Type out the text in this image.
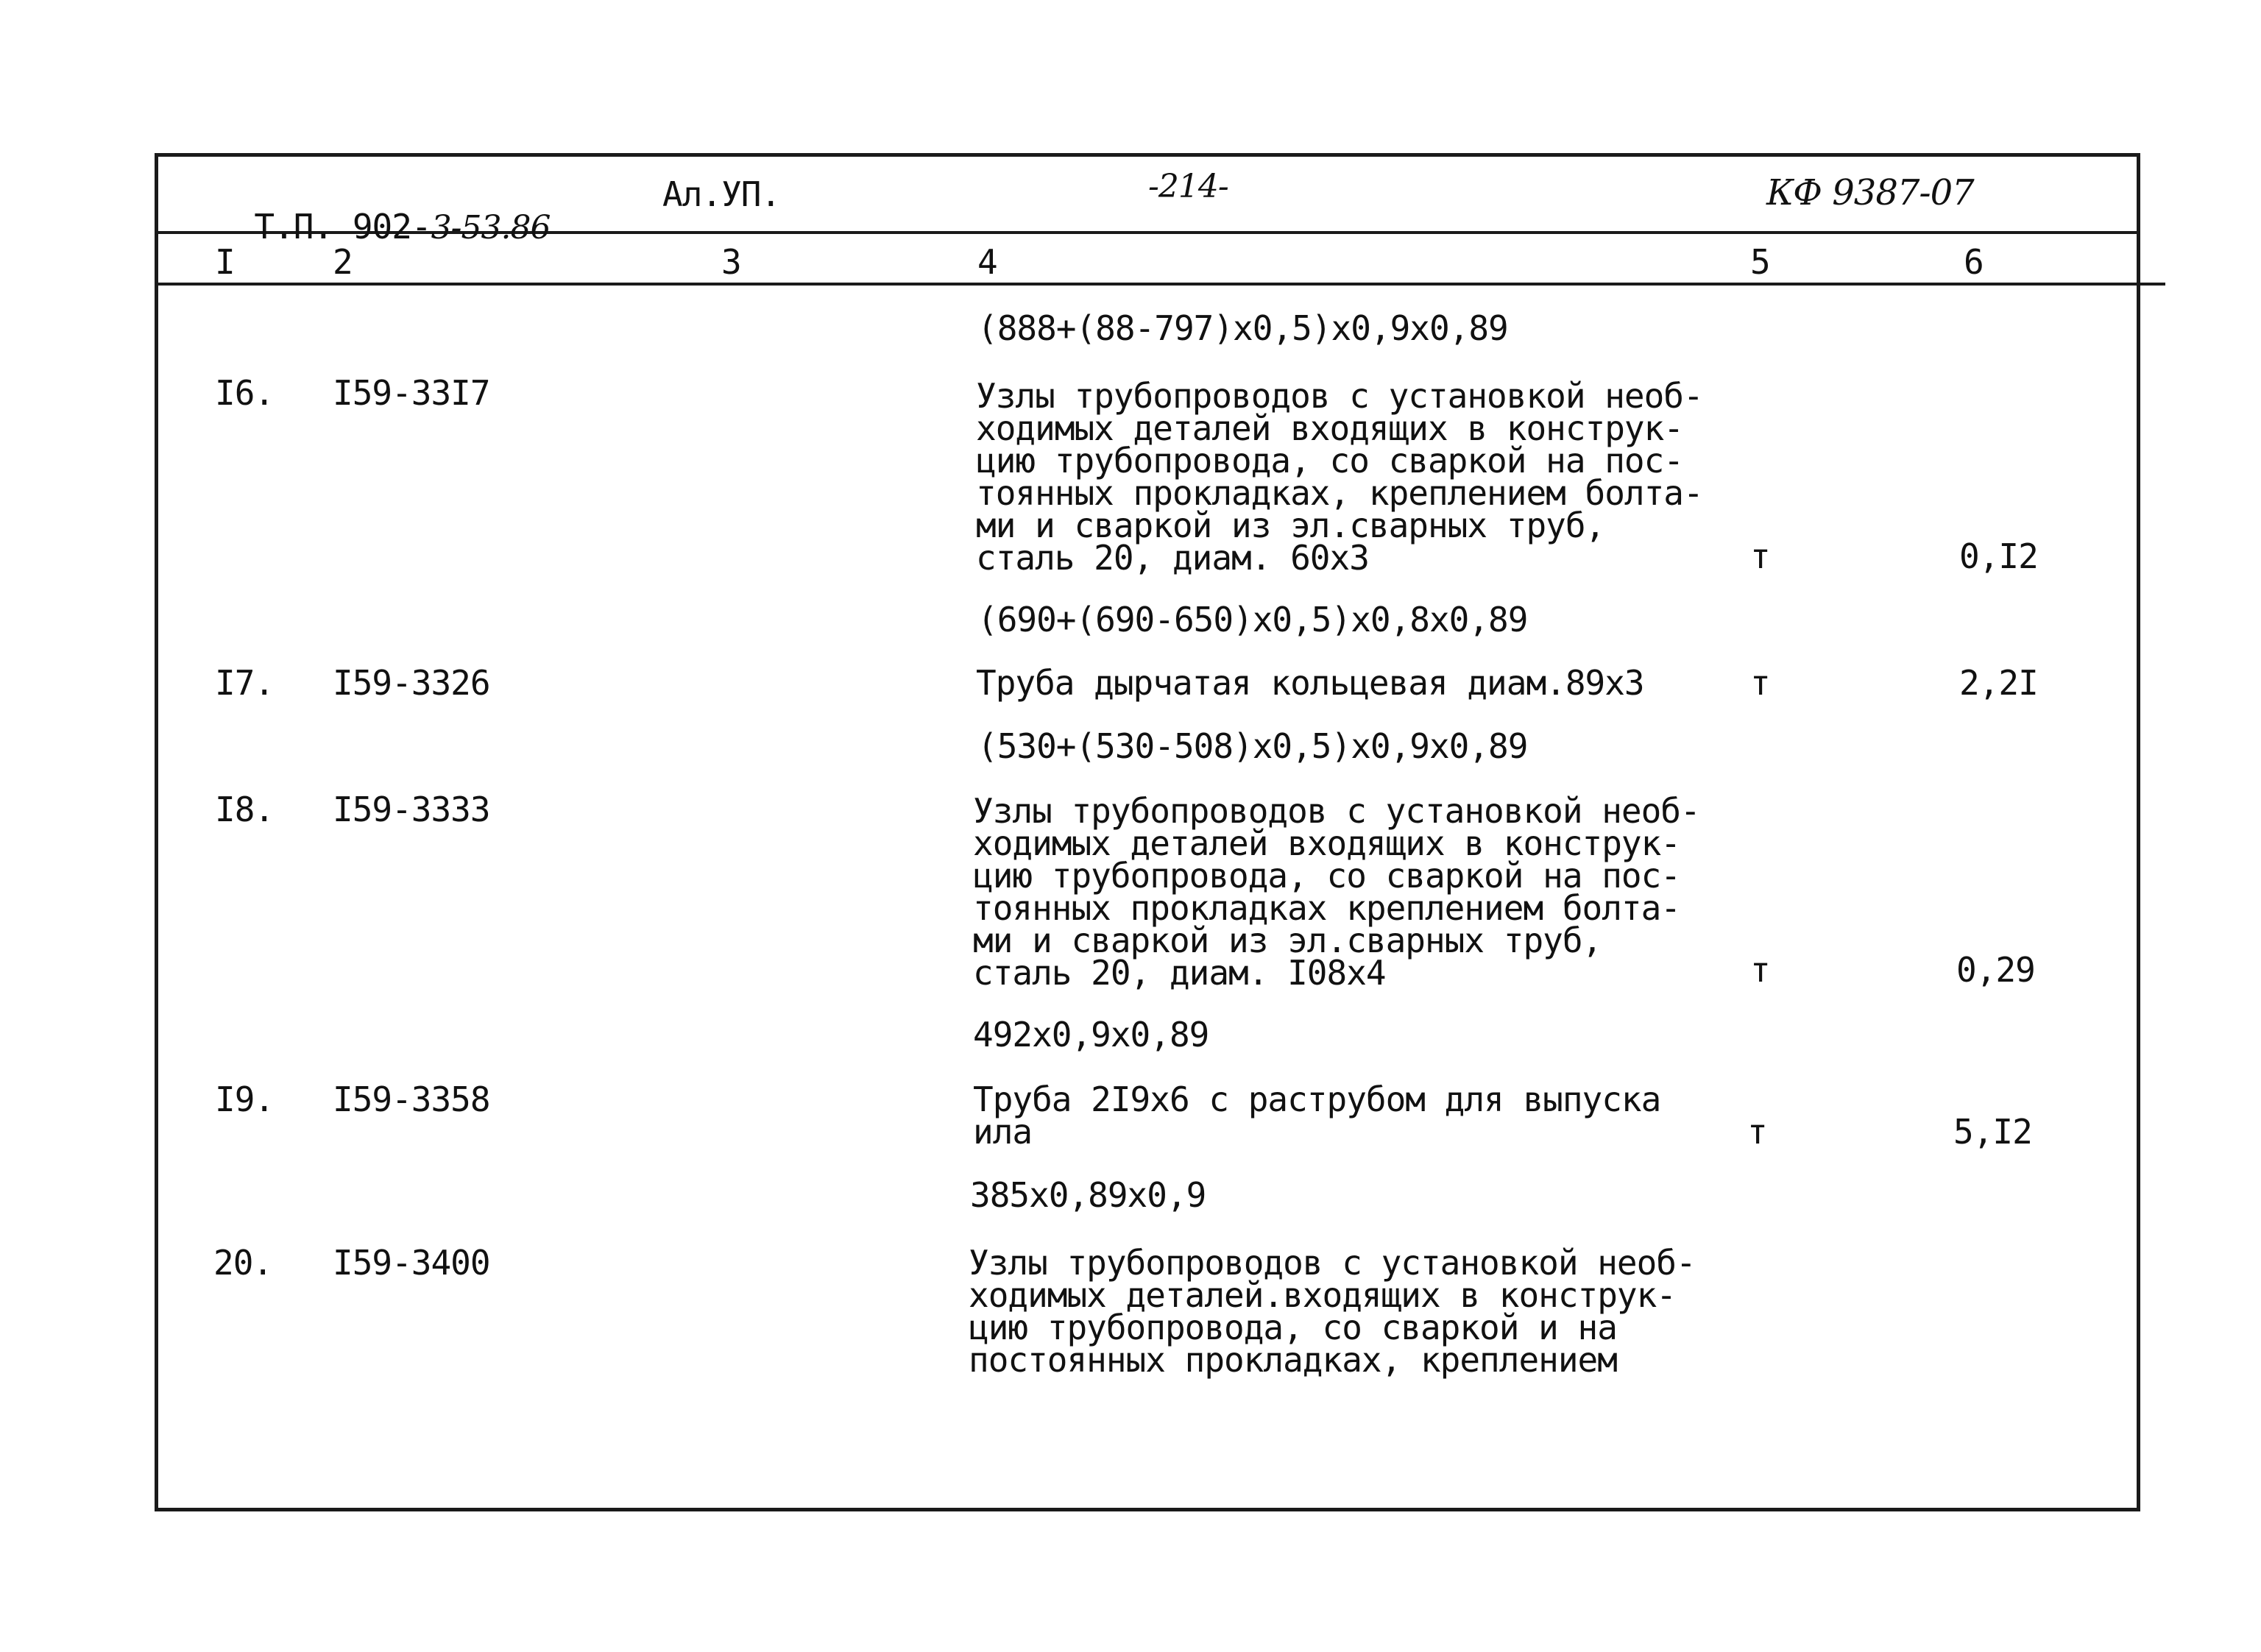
Т.П. 902-3-53.86

Ал.УП.	-214-	КФ 9387-07
I	2	3	4	5	6
(888+(88-797)х0,5)х0,9х0,89
I6. I59-33I7	Узлы трубопроводов с установкой необ-
ходимых деталей входящих в конструк-
цию трубопровода, со сваркой на пос-
тоянных прокладках, креплением болта-
ми и сваркой из эл.сварных труб,
сталь 20, диам. 60х3	т	0,I2
(690+(690-650)х0,5)х0,8х0,89
I7. I59-3326	Труба дырчатая кольцевая диам.89х3	т	2,2I
(530+(530-508)х0,5)х0,9х0,89
I8. I59-3333	Узлы трубопроводов с установкой необ-
ходимых деталей входящих в конструк-
цию трубопровода, со сваркой на пос-
тоянных прокладках креплением болта-
ми и сваркой из эл.сварных труб,
сталь 20, диам. I08х4	т	0,29
492х0,9х0,89
I9. I59-3358	Труба 2I9х6 с раструбом для выпуска
ила	т	5,I2
385х0,89х0,9
20. I59-3400	Узлы трубопроводов с установкой необ-
ходимых деталей.входящих в конструк-
цию трубопровода, со сваркой и на
постоянных прокладках, креплением
